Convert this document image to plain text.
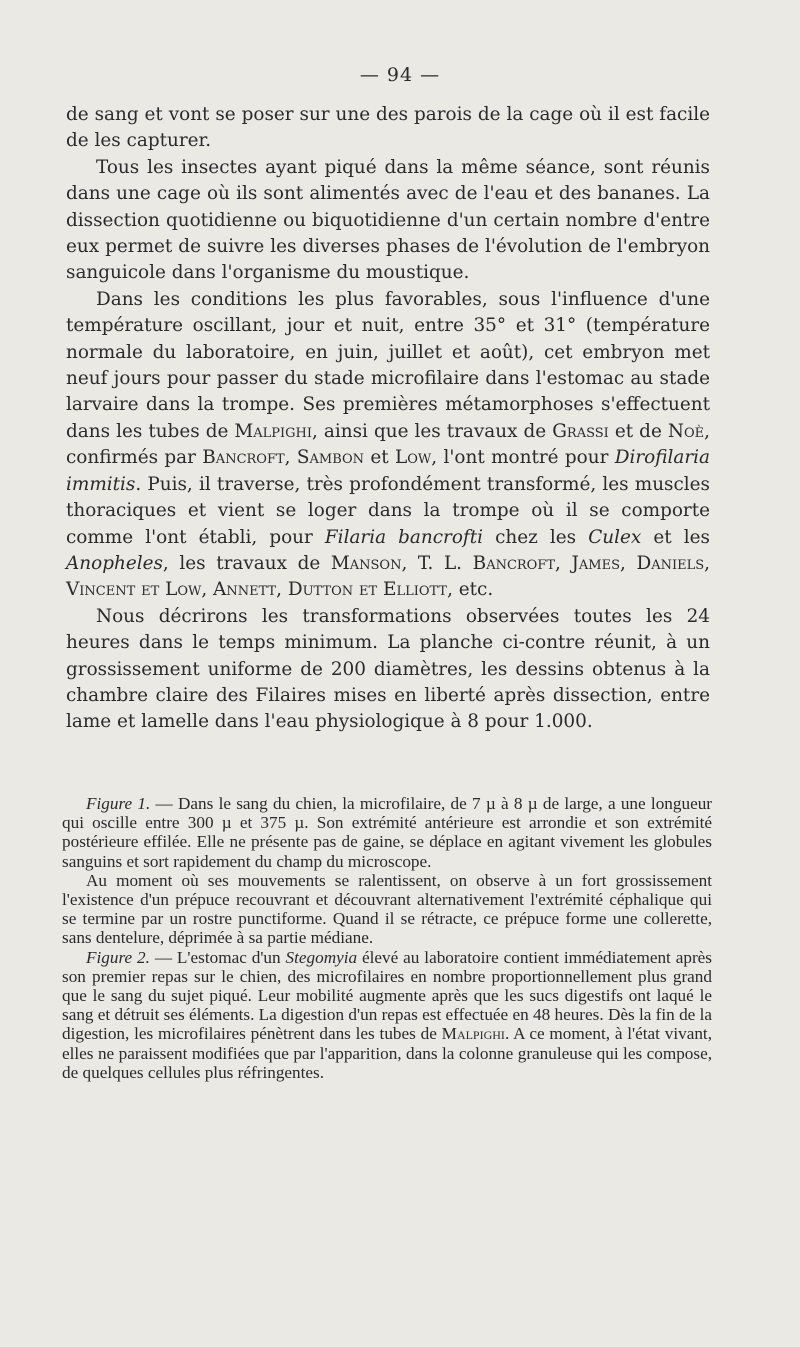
— 94 —

de sang et vont se poser sur une des parois de la cage où il est facile de les capturer.

Tous les insectes ayant piqué dans la même séance, sont réunis dans une cage où ils sont alimentés avec de l'eau et des bananes. La dissection quotidienne ou biquotidienne d'un certain nombre d'entre eux permet de suivre les diverses phases de l'évolution de l'embryon sanguicole dans l'organisme du moustique.

Dans les conditions les plus favorables, sous l'influence d'une température oscillant, jour et nuit, entre 35° et 31° (température normale du laboratoire, en juin, juillet et août), cet embryon met neuf jours pour passer du stade microfilaire dans l'estomac au stade larvaire dans la trompe. Ses premières métamorphoses s'effectuent dans les tubes de Malpighi, ainsi que les travaux de Grassi et de Noè, confirmés par Bancroft, Sambon et Low, l'ont montré pour Dirofilaria immitis. Puis, il traverse, très profondément transformé, les muscles thoraciques et vient se loger dans la trompe où il se comporte comme l'ont établi, pour Filaria bancrofti chez les Culex et les Anopheles, les travaux de Manson, T. L. Bancroft, James, Daniels, Vincent et Low, Annett, Dutton et Elliott, etc.

Nous décrirons les transformations observées toutes les 24 heures dans le temps minimum. La planche ci-contre réunit, à un grossissement uniforme de 200 diamètres, les dessins obtenus à la chambre claire des Filaires mises en liberté après dissection, entre lame et lamelle dans l'eau physiologique à 8 pour 1.000.

Figure 1. — Dans le sang du chien, la microfilaire, de 7 µ à 8 µ de large, a une longueur qui oscille entre 300 µ et 375 µ. Son extrémité antérieure est arrondie et son extrémité postérieure effilée. Elle ne présente pas de gaine, se déplace en agitant vivement les globules sanguins et sort rapidement du champ du microscope.

Au moment où ses mouvements se ralentissent, on observe à un fort grossissement l'existence d'un prépuce recouvrant et découvrant alternativement l'extrémité céphalique qui se termine par un rostre punctiforme. Quand il se rétracte, ce prépuce forme une collerette, sans dentelure, déprimée à sa partie médiane.

Figure 2. — L'estomac d'un Stegomyia élevé au laboratoire contient immédiatement après son premier repas sur le chien, des microfilaires en nombre proportionnellement plus grand que le sang du sujet piqué. Leur mobilité augmente après que les sucs digestifs ont laqué le sang et détruit ses éléments. La digestion d'un repas est effectuée en 48 heures. Dès la fin de la digestion, les microfilaires pénètrent dans les tubes de Malpighi. A ce moment, à l'état vivant, elles ne paraissent modifiées que par l'apparition, dans la colonne granuleuse qui les compose, de quelques cellules plus réfringentes.
